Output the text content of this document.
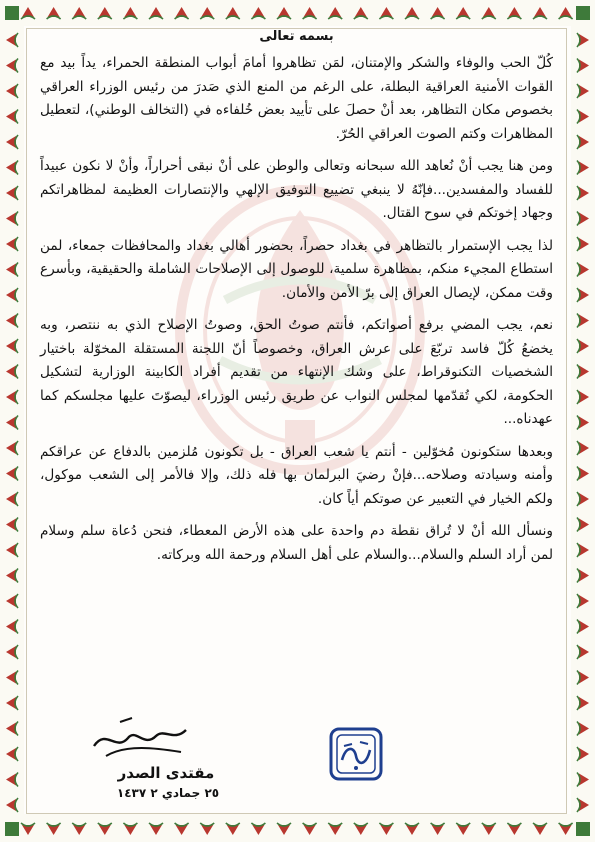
بسمه تعالى

كُلّ الحب والوفاء والشكر والإمتنان، لمَن تظاهروا أمامَ أبواب المنطقة الحمراء، يداً بيد مع القوات الأمنية العراقية البطلة، على الرغم من المنع الذي صَدرَ من رئيس الوزراء العراقي بخصوص مكان التظاهر، بعد أنْ حصلَ على تأييد بعض خُلفاءه في (التخالف الوطني)، لتعطيل المظاهرات وكتم الصوت العراقي الحُرّ.

ومن هنا يجب أنْ نُعاهد الله سبحانه وتعالى والوطن على أنْ نبقى أحراراً، وأنْ لا نكون عبيداً للفساد والمفسدين...فإنّهُ لا ينبغي تضييع التوفيق الإلهي والإنتصارات العظيمة لمظاهراتكم وجهاد إخوتكم في سوح القتال.

لذا يجب الإستمرار بالتظاهر في بغداد حصراً، بحضور أهالي بغداد والمحافظات جمعاء، لمن استطاع المجيء منكم، بمظاهرة سلمية، للوصول إلى الإصلاحات الشاملة والحقيقية، وبأسرع وقت ممكن، لإيصال العراق إلى برّ الأمن والأمان.

نعم، يجب المضي برفع أصواتكم، فأنتم صوتُ الحق، وصوتُ الإصلاح الذي به ننتصر، وبه يخضعُ كُلّ فاسد تربّعَ على عرش العراق، وخصوصاً أنّ اللجنة المستقلة المخوّلة باختيار الشخصيات التكنوقراط، على وشك الإنتهاء من تقديم أفراد الكابينة الوزارية لتشكيل الحكومة، لكي تُقدّمها لمجلس النواب عن طريق رئيس الوزراء، ليصوّتَ عليها مجلسكم كما عهدناه...

وبعدها ستكونون مُخوّلين - أنتم يا شعب العراق - بل تكونون مُلزمين بالدفاع عن عراقكم وأمنه وسيادته وصلاحه...فإنْ رضيَ البرلمان بها فله ذلك، وإلا فالأمر إلى الشعب موكول، ولكم الخيار في التعبير عن صوتكم أياً كان.

ونسأل الله أنْ لا تُراق نقطة دم واحدة على هذه الأرض المعطاء، فنحن دُعاة سلم وسلام لمن أراد السلم والسلام...والسلام على أهل السلام ورحمة الله وبركاته.

مقتدى الصدر
٢٥ جمادي ٢ ١٤٣٧
